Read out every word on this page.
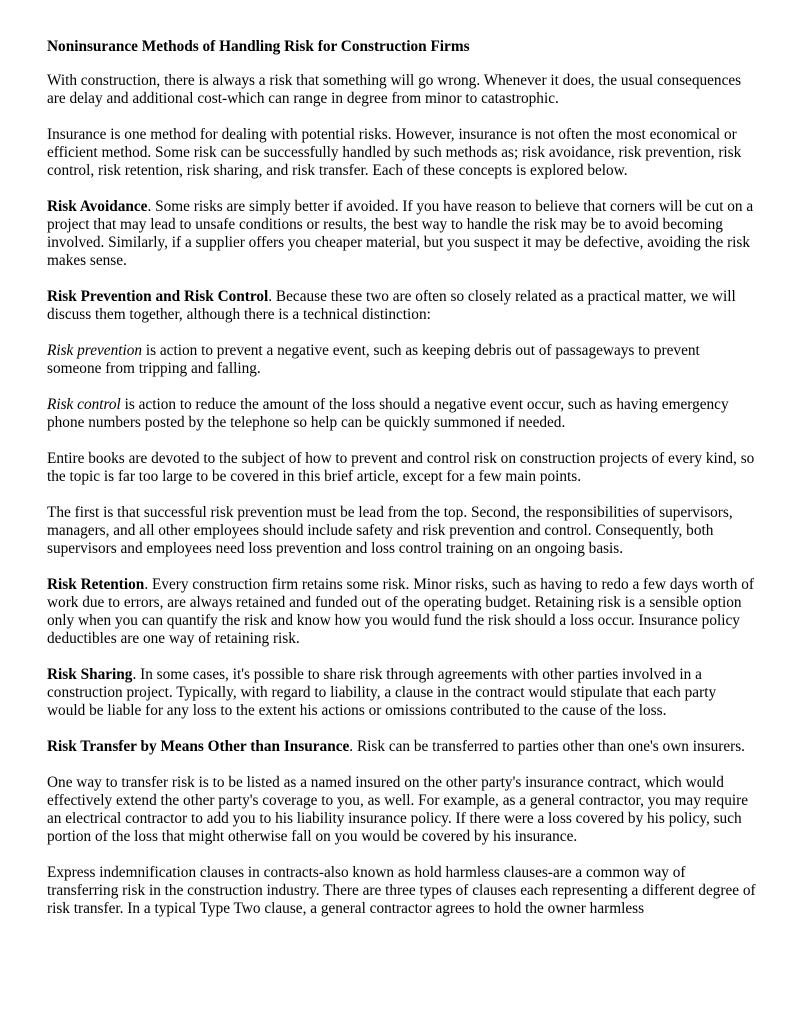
Noninsurance Methods of Handling Risk for Construction Firms

With construction, there is always a risk that something will go wrong. Whenever it does, the usual consequences are delay and additional cost-which can range in degree from minor to catastrophic.

Insurance is one method for dealing with potential risks. However, insurance is not often the most economical or efficient method. Some risk can be successfully handled by such methods as; risk avoidance, risk prevention, risk control, risk retention, risk sharing, and risk transfer. Each of these concepts is explored below.

Risk Avoidance. Some risks are simply better if avoided. If you have reason to believe that corners will be cut on a project that may lead to unsafe conditions or results, the best way to handle the risk may be to avoid becoming involved. Similarly, if a supplier offers you cheaper material, but you suspect it may be defective, avoiding the risk makes sense.

Risk Prevention and Risk Control. Because these two are often so closely related as a practical matter, we will discuss them together, although there is a technical distinction:

Risk prevention is action to prevent a negative event, such as keeping debris out of passageways to prevent someone from tripping and falling.

Risk control is action to reduce the amount of the loss should a negative event occur, such as having emergency phone numbers posted by the telephone so help can be quickly summoned if needed.

Entire books are devoted to the subject of how to prevent and control risk on construction projects of every kind, so the topic is far too large to be covered in this brief article, except for a few main points.

The first is that successful risk prevention must be lead from the top. Second, the responsibilities of supervisors, managers, and all other employees should include safety and risk prevention and control. Consequently, both supervisors and employees need loss prevention and loss control training on an ongoing basis.

Risk Retention. Every construction firm retains some risk. Minor risks, such as having to redo a few days worth of work due to errors, are always retained and funded out of the operating budget. Retaining risk is a sensible option only when you can quantify the risk and know how you would fund the risk should a loss occur. Insurance policy deductibles are one way of retaining risk.

Risk Sharing. In some cases, it's possible to share risk through agreements with other parties involved in a construction project. Typically, with regard to liability, a clause in the contract would stipulate that each party would be liable for any loss to the extent his actions or omissions contributed to the cause of the loss.

Risk Transfer by Means Other than Insurance. Risk can be transferred to parties other than one's own insurers.

One way to transfer risk is to be listed as a named insured on the other party's insurance contract, which would effectively extend the other party's coverage to you, as well. For example, as a general contractor, you may require an electrical contractor to add you to his liability insurance policy. If there were a loss covered by his policy, such portion of the loss that might otherwise fall on you would be covered by his insurance.

Express indemnification clauses in contracts-also known as hold harmless clauses-are a common way of transferring risk in the construction industry. There are three types of clauses each representing a different degree of risk transfer. In a typical Type Two clause, a general contractor agrees to hold the owner harmless
